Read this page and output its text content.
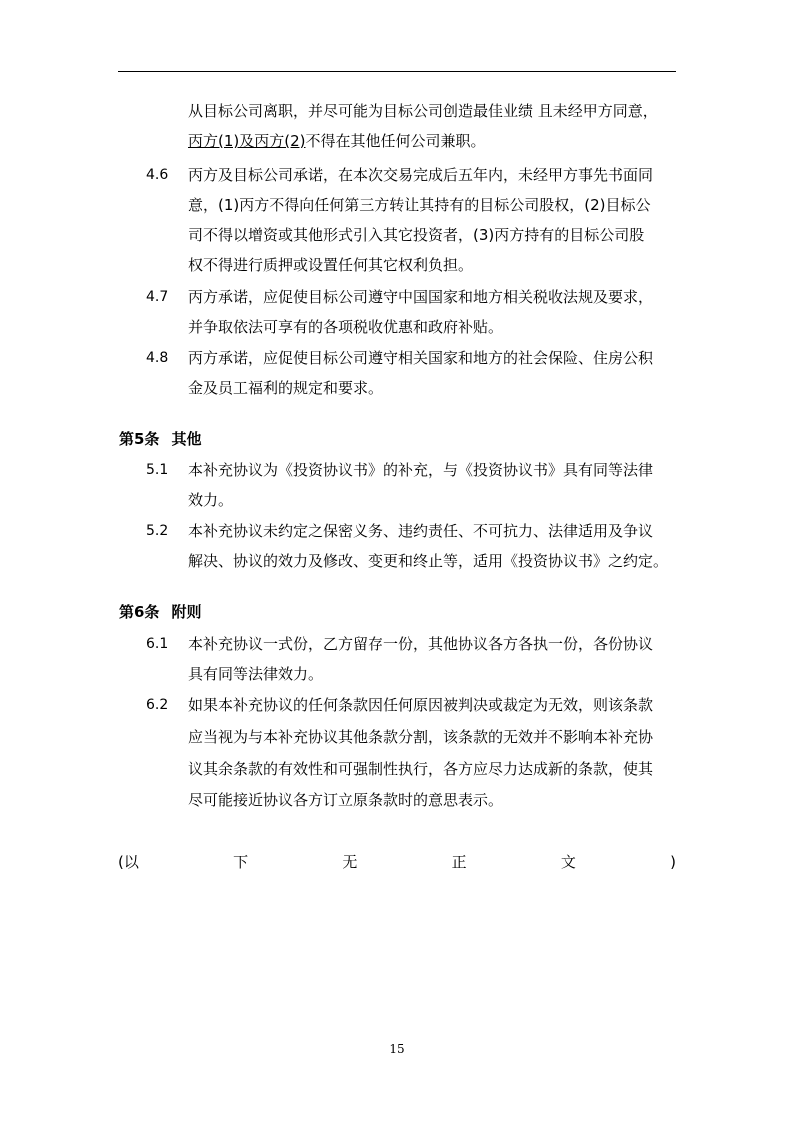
从目标公司离职，并尽可能为目标公司创造最佳业绩 且未经甲方同意，
丙方(1)及丙方(2)不得在其他任何公司兼职。
4.6 丙方及目标公司承诺，在本次交易完成后五年内，未经甲方事先书面同
意，(1)丙方不得向任何第三方转让其持有的目标公司股权，(2)目标公
司不得以增资或其他形式引入其它投资者，(3)丙方持有的目标公司股
权不得进行质押或设置任何其它权利负担。
4.7 丙方承诺，应促使目标公司遵守中国国家和地方相关税收法规及要求，
并争取依法可享有的各项税收优惠和政府补贴。
4.8 丙方承诺，应促使目标公司遵守相关国家和地方的社会保险、住房公积
金及员工福利的规定和要求。
第5条 其他
5.1 本补充协议为《投资协议书》的补充，与《投资协议书》具有同等法律
效力。
5.2 本补充协议未约定之保密义务、违约责任、不可抗力、法律适用及争议
解决、协议的效力及修改、变更和终止等，适用《投资协议书》之约定。
第6条 附则
6.1 本补充协议一式份，乙方留存一份，其他协议各方各执一份，各份协议
具有同等法律效力。
6.2 如果本补充协议的任何条款因任何原因被判决或裁定为无效，则该条款
应当视为与本补充协议其他条款分割，该条款的无效并不影响本补充协
议其余条款的有效性和可强制性执行，各方应尽力达成新的条款，使其
尽可能接近协议各方订立原条款时的意思表示。
(以	下	无	正	文	)
15
